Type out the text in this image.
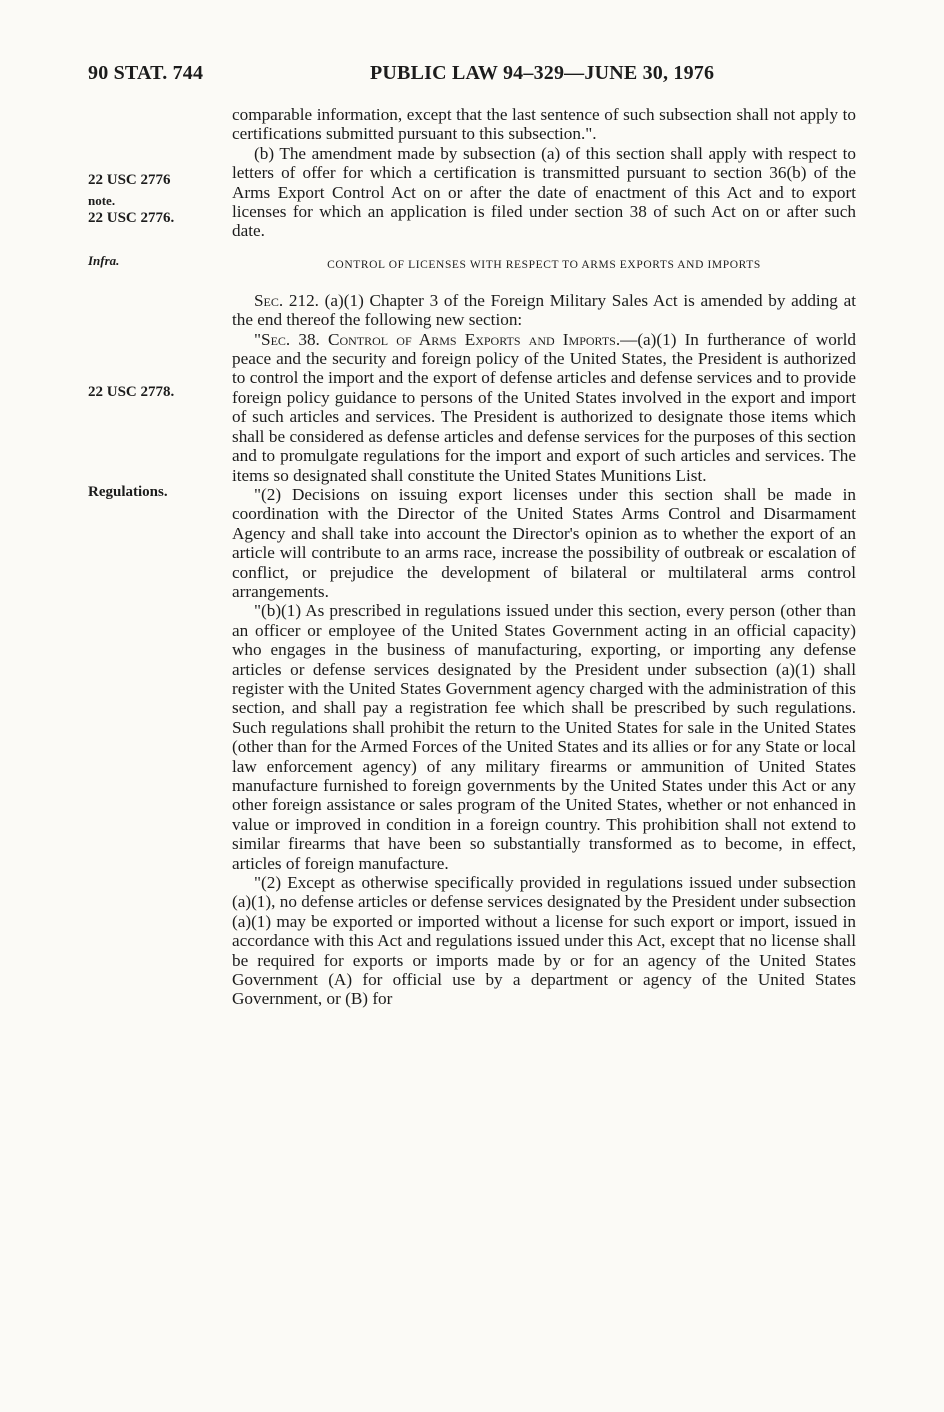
90 STAT. 744	PUBLIC LAW 94–329—JUNE 30, 1976
22 USC 2776
note.
22 USC 2776.
Infra.
22 USC 2778.
Regulations.

comparable information, except that the last sentence of such subsection shall not apply to certifications submitted pursuant to this subsection.".

(b) The amendment made by subsection (a) of this section shall apply with respect to letters of offer for which a certification is transmitted pursuant to section 36(b) of the Arms Export Control Act on or after the date of enactment of this Act and to export licenses for which an application is filed under section 38 of such Act on or after such date.

CONTROL OF LICENSES WITH RESPECT TO ARMS EXPORTS AND IMPORTS

Sec. 212. (a)(1) Chapter 3 of the Foreign Military Sales Act is amended by adding at the end thereof the following new section:

"Sec. 38. Control of Arms Exports and Imports.—(a)(1) In furtherance of world peace and the security and foreign policy of the United States, the President is authorized to control the import and the export of defense articles and defense services and to provide foreign policy guidance to persons of the United States involved in the export and import of such articles and services. The President is authorized to designate those items which shall be considered as defense articles and defense services for the purposes of this section and to promulgate regulations for the import and export of such articles and services. The items so designated shall constitute the United States Munitions List.

"(2) Decisions on issuing export licenses under this section shall be made in coordination with the Director of the United States Arms Control and Disarmament Agency and shall take into account the Director's opinion as to whether the export of an article will contribute to an arms race, increase the possibility of outbreak or escalation of conflict, or prejudice the development of bilateral or multilateral arms control arrangements.

"(b)(1) As prescribed in regulations issued under this section, every person (other than an officer or employee of the United States Government acting in an official capacity) who engages in the business of manufacturing, exporting, or importing any defense articles or defense services designated by the President under subsection (a)(1) shall register with the United States Government agency charged with the administration of this section, and shall pay a registration fee which shall be prescribed by such regulations. Such regulations shall prohibit the return to the United States for sale in the United States (other than for the Armed Forces of the United States and its allies or for any State or local law enforcement agency) of any military firearms or ammunition of United States manufacture furnished to foreign governments by the United States under this Act or any other foreign assistance or sales program of the United States, whether or not enhanced in value or improved in condition in a foreign country. This prohibition shall not extend to similar firearms that have been so substantially transformed as to become, in effect, articles of foreign manufacture.

"(2) Except as otherwise specifically provided in regulations issued under subsection (a)(1), no defense articles or defense services designated by the President under subsection (a)(1) may be exported or imported without a license for such export or import, issued in accordance with this Act and regulations issued under this Act, except that no license shall be required for exports or imports made by or for an agency of the United States Government (A) for official use by a department or agency of the United States Government, or (B) for
